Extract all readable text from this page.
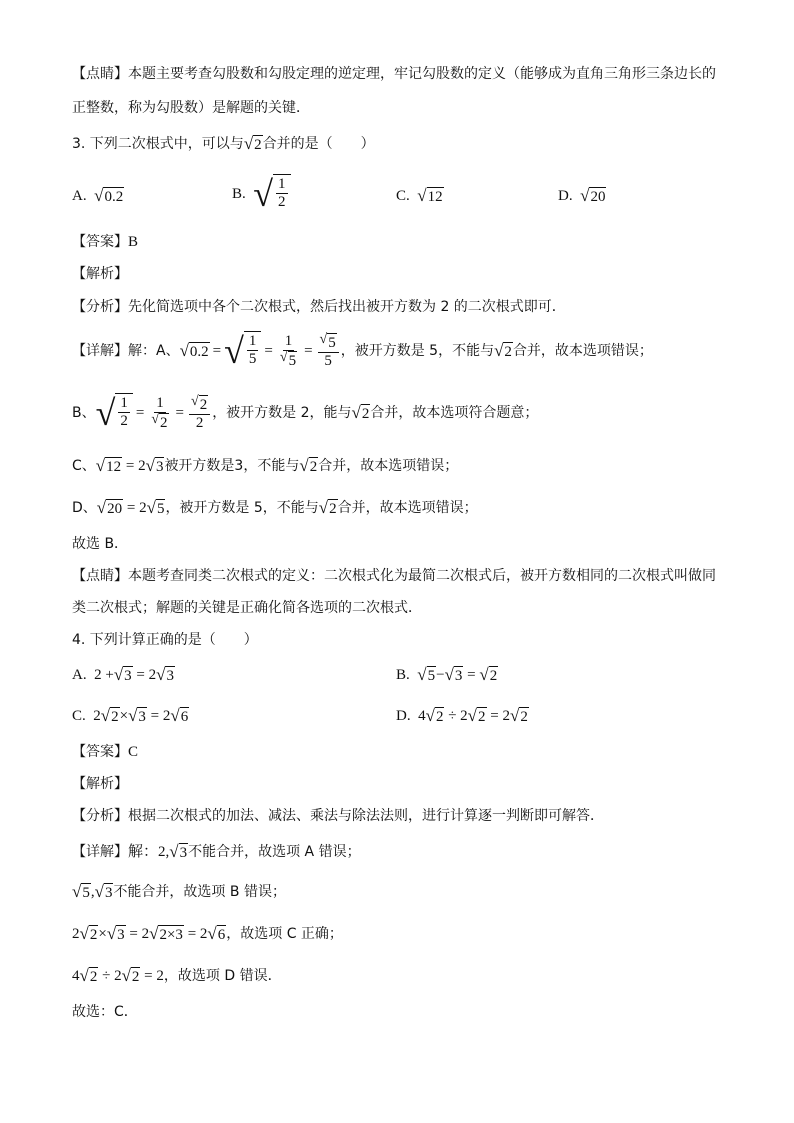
【点睛】本题主要考查勾股数和勾股定理的逆定理，牢记勾股数的定义（能够成为直角三角形三条边长的
正整数，称为勾股数）是解题的关键．
3. 下列二次根式中，可以与 √ 2 合并的是（　　）
A. √ 0.2	B. √ $\frac{1}{2}$	C. √ 12	D. √ 20
【答案】B
【解析】
【分析】先化简选项中各个二次根式，然后找出被开方数为 2 的二次根式即可．
【详解】 解：A、 √ 0.2 = √ $\frac{1}{5} = \frac{1}{√ 5} = \frac{√ 5}{5}$ ，被开方数是 5，不能与 √ 2 合并，故本选项错误；
B、 √ $\frac{1}{2} = \frac{1}{√ 2} = \frac{√ 2}{2}$ ，被开方数是 2，能与 √ 2 合并，故本选项符合题意；
C、 √ 12 = 2 √ 3 被开方数是3，不能与 √ 2 合并，故本选项错误；
D、 √ 20 = 2 √ 5 ，被开方数是 5，不能与 √ 2 合并，故本选项错误；
故选 B．
【点睛】本题考查同类二次根式的定义：二次根式化为最简二次根式后，被开方数相同的二次根式叫做同
类二次根式；解题的关键是正确化简各选项的二次根式．
4. 下列计算正确的是（　　）
A. 2 + √ 3 = 2 √ 3	B. √ 5 − √ 3 = √ 2
C. 2 √ 2 × √ 3 = 2 √ 6	D. 4 √ 2 ÷ 2 √ 2 = 2 √ 2
【答案】C
【解析】
【分析】根据二次根式的加法、减法、乘法与除法法则，进行计算逐一判断即可解答．
【详解】解：2, √ 3 不能合并，故选项 A 错误；
√ 5 , √ 3 不能合并，故选项 B 错误；
2 √ 2 × √ 3 = 2 √ 2×3 = 2 √ 6 ，故选项 C 正确；
4 √ 2 ÷ 2 √ 2 = 2，故选项 D 错误．
故选：C．
